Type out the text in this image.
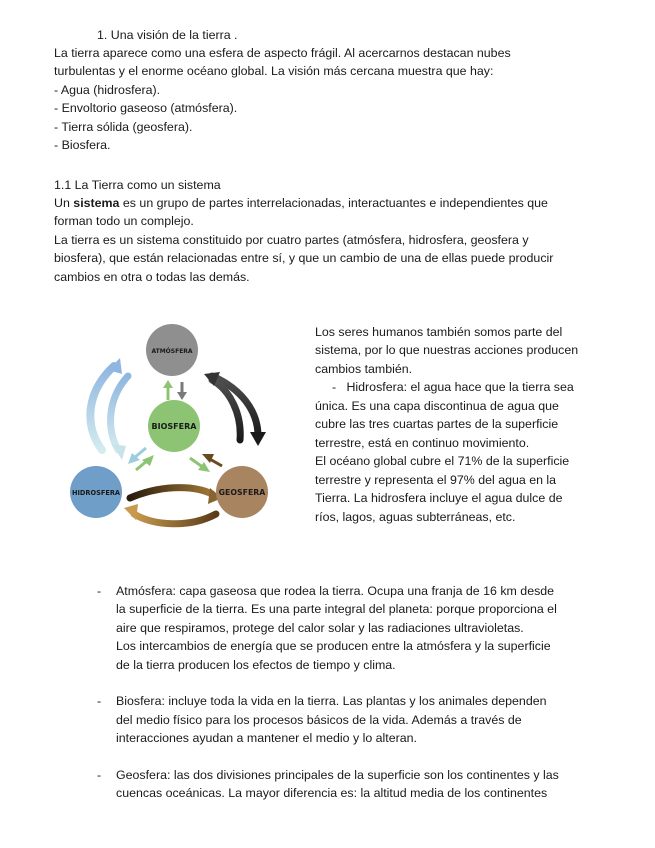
1. Una visión de la tierra .
La tierra aparece como una esfera de aspecto frágil. Al acercarnos destacan nubes
turbulentas y el enorme océano global. La visión más cercana muestra que hay:
- Agua (hidrosfera).
- Envoltorio gaseoso (atmósfera).
- Tierra sólida (geosfera).
- Biosfera.
1.1 La Tierra como un sistema
Un sistema es un grupo de partes interrelacionadas, interactuantes e independientes que
forman todo un complejo.
La tierra es un sistema constituido por cuatro partes (atmósfera, hidrosfera, geosfera y
biosfera), que están relacionadas entre sí, y que un cambio de una de ellas puede producir
cambios en otra o todas las demás.
ATMÓSFERA
BIOSFERA
HIDROSFERA	GEOSFERA
Los seres humanos también somos parte del
sistema, por lo que nuestras acciones producen
cambios también.
- Hidrosfera: el agua hace que la tierra sea
única. Es una capa discontinua de agua que
cubre las tres cuartas partes de la superficie
terrestre, está en continuo movimiento.
El océano global cubre el 71% de la superficie
terrestre y representa el 97% del agua en la
Tierra. La hidrosfera incluye el agua dulce de
ríos, lagos, aguas subterráneas, etc.
- Atmósfera: capa gaseosa que rodea la tierra. Ocupa una franja de 16 km desde
la superficie de la tierra. Es una parte integral del planeta: porque proporciona el
aire que respiramos, protege del calor solar y las radiaciones ultravioletas.
Los intercambios de energía que se producen entre la atmósfera y la superficie
de la tierra producen los efectos de tiempo y clima.
- Biosfera: incluye toda la vida en la tierra. Las plantas y los animales dependen
del medio físico para los procesos básicos de la vida. Además a través de
interacciones ayudan a mantener el medio y lo alteran.
- Geosfera: las dos divisiones principales de la superficie son los continentes y las
cuencas oceánicas. La mayor diferencia es: la altitud media de los continentes
